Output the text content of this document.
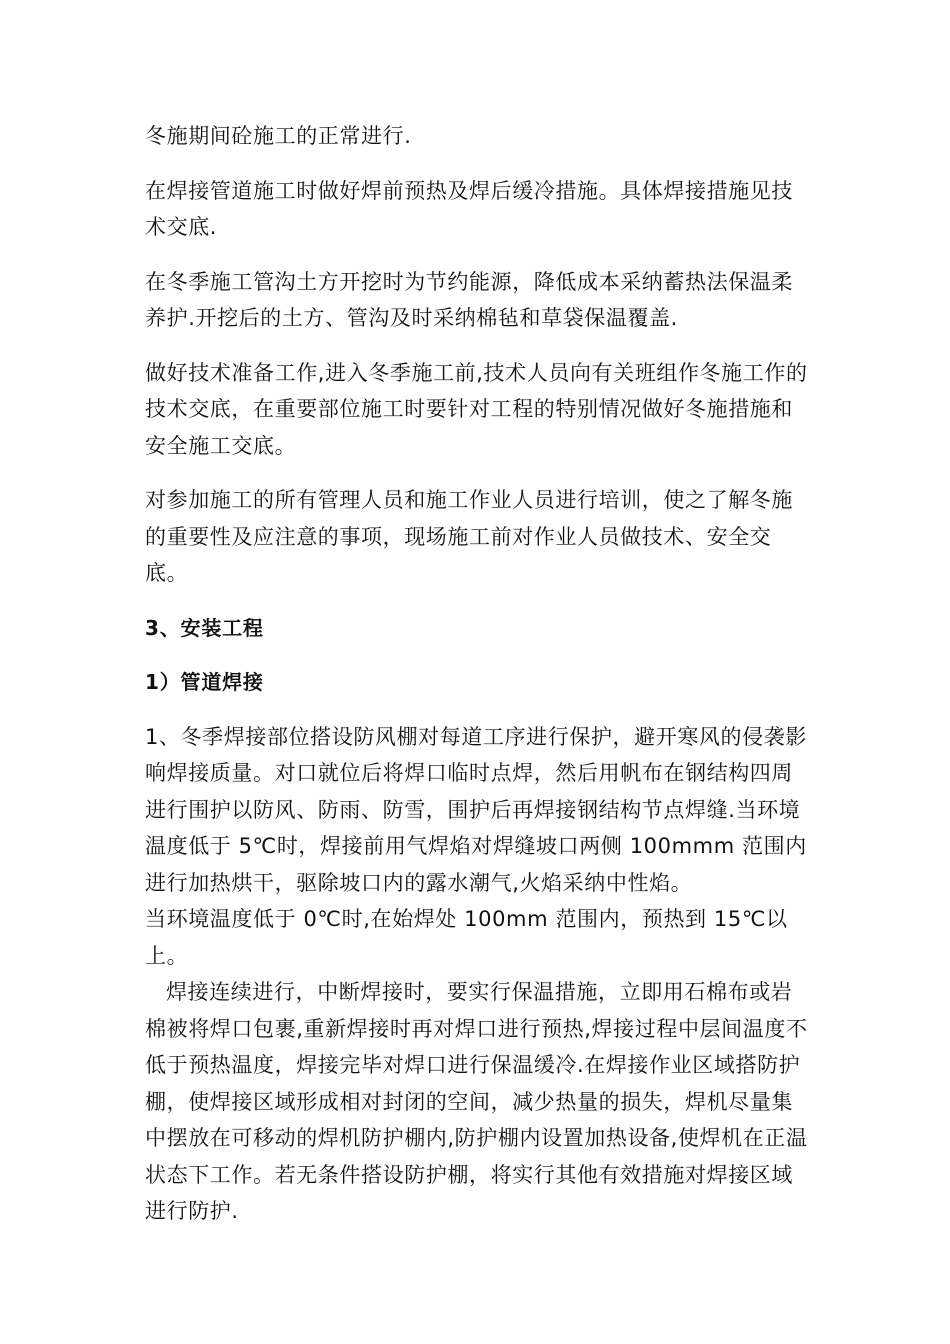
冬施期间砼施工的正常进行.

在焊接管道施工时做好焊前预热及焊后缓冷措施。具体焊接措施见技术交底.

在冬季施工管沟土方开挖时为节约能源，降低成本采纳蓄热法保温柔养护.开挖后的土方、管沟及时采纳棉毡和草袋保温覆盖.

做好技术准备工作,进入冬季施工前,技术人员向有关班组作冬施工作的技术交底，在重要部位施工时要针对工程的特别情况做好冬施措施和安全施工交底。

对参加施工的所有管理人员和施工作业人员进行培训，使之了解冬施的重要性及应注意的事项，现场施工前对作业人员做技术、安全交底。

3、安装工程

1）管道焊接

1、冬季焊接部位搭设防风棚对每道工序进行保护，避开寒风的侵袭影响焊接质量。对口就位后将焊口临时点焊，然后用帆布在钢结构四周进行围护以防风、防雨、防雪，围护后再焊接钢结构节点焊缝.当环境温度低于 5℃时，焊接前用气焊焰对焊缝坡口两侧 100mmm 范围内进行加热烘干，驱除坡口内的露水潮气,火焰采纳中性焰。

当环境温度低于 0℃时,在始焊处 100mm 范围内，预热到 15℃以上。

焊接连续进行，中断焊接时，要实行保温措施，立即用石棉布或岩棉被将焊口包裹,重新焊接时再对焊口进行预热,焊接过程中层间温度不低于预热温度，焊接完毕对焊口进行保温缓冷.在焊接作业区域搭防护棚，使焊接区域形成相对封闭的空间，减少热量的损失，焊机尽量集中摆放在可移动的焊机防护棚内,防护棚内设置加热设备,使焊机在正温状态下工作。若无条件搭设防护棚，将实行其他有效措施对焊接区域进行防护.
